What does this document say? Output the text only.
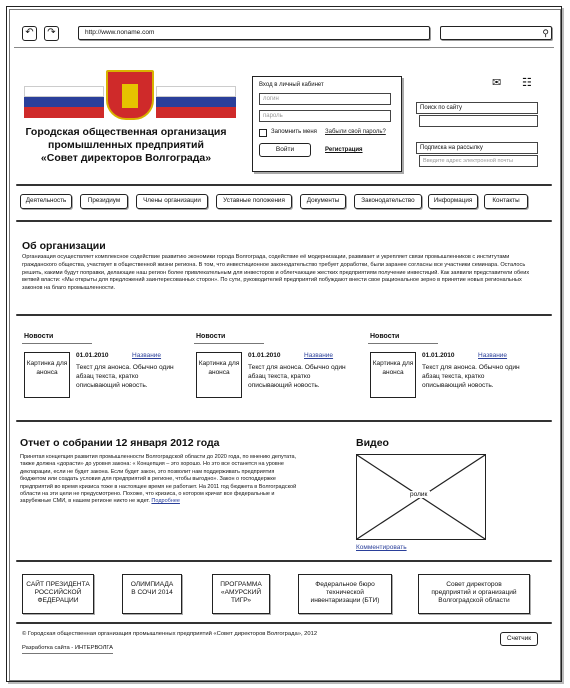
↶	↷	http://www.noname.com	⚲
Городская общественная организация
промышленных предприятий
«Совет директоров Волгограда»
Вход в личный кабинет
логин
пароль
Запомнить меня Забыли свой пароль?
Войти	Регистрация
✉ ☷
Поиск по сайту
Подписка на рассылку
Введите адрес электронной почты
Деятельность	Президиум	Члены организации	Уставные положения	Документы	Законодательство	Информация	Контакты
Об организации

Организация осуществляет комплексное содействие развитию экономики города Волгограда, содействие её модернизации, развивает и укрепляет связи промышленников с институтами гражданского общества, участвует в общественной жизни региона. В том, что инвестиционное законодательство требует доработки, были заранее согласны все участники семинара. Осталось решить, какими будут поправки, делающие наш регион более привлекательным для инвесторов и облегчающие жестких предприятиям получение инвестиций. Как заявили представители обеих ветвей власти: «Мы открыты для предложений заинтересованных сторон». По сути, руководителей предприятий побуждают внести свое рациональное зерно в принятие новых региональных законов на благо промышленности.

Новости
Картинка для анонса
01.01.2010	Название
Текст для анонса. Обычно один абзац текста, кратко описывающий новость.
Новости
Картинка для анонса
01.01.2010	Название
Текст для анонса. Обычно один абзац текста, кратко описывающий новость.
Новости
Картинка для анонса
01.01.2010	Название
Текст для анонса. Обычно один абзац текста, кратко описывающий новость.
Отчет о собрании 12 января 2012 года

Принятая концепция развития промышленности Волгоградской области до 2020 года, по мнению депутата, также должна «дорасти» до уровня закона: « Концепция – это хорошо. Но это все останется на уровне декларации, если не будет закона. Если будет закон, это позволит нам поддерживать предприятия бюджетом или создать условия для предприятий в регионе, чтобы выгодно». Закон о господдержке предприятий во время кризиса тоже в настоящее время не работает. На 2011 год бюджета в Волгоградской области на эти цели не предусмотрено. Похоже, что кризиса, о котором кричат все федеральные и зарубежные СМИ, в нашем регионе никто не ждет. Подробнее

Видео
ролик
Комментировать
САЙТ ПРЕЗИДЕНТА
РОССИЙСКОЙ
ФЕДЕРАЦИИ
ОЛИМПИАДА
В СОЧИ 2014
ПРОГРАММА
«АМУРСКИЙ
ТИГР»
Федеральное бюро
технической
инвентаризации (БТИ)
Совет директоров
предприятий и организаций
Волгоградской области
© Городская общественная организация промышленных предприятий «Совет директоров Волгограда», 2012
Разработка сайта - ИНТЕРВОЛГА
Счетчик
